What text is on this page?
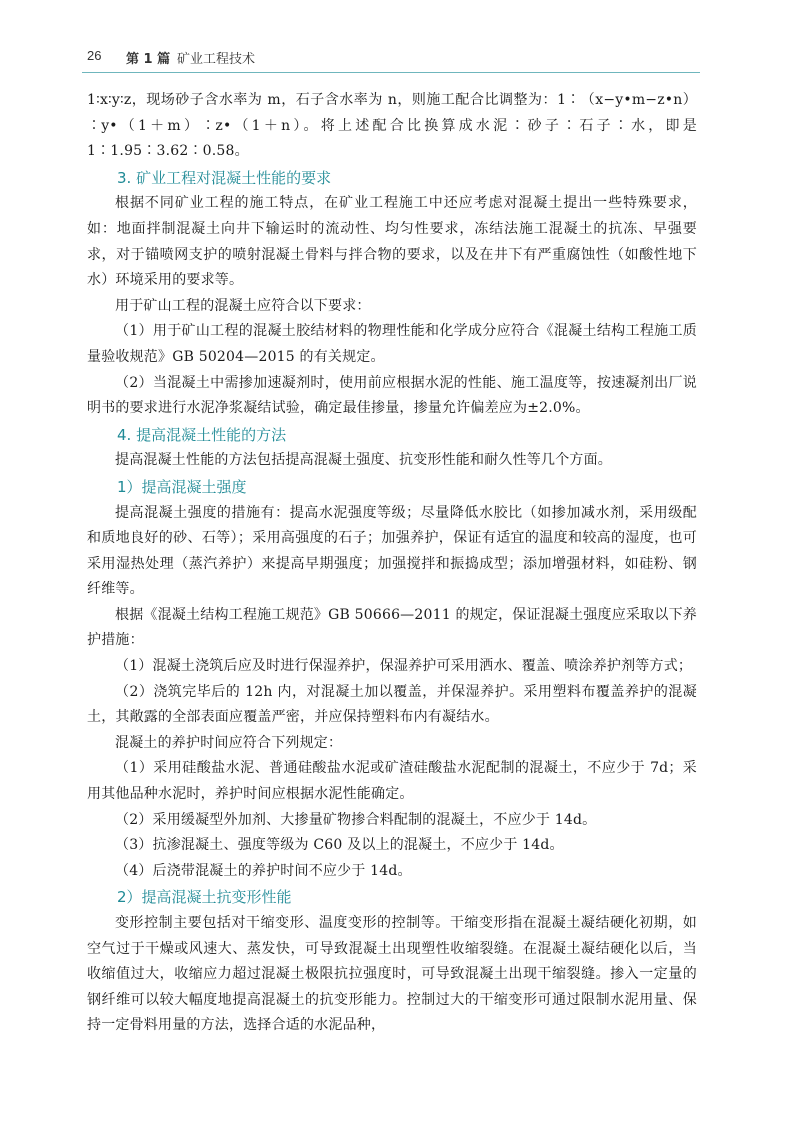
26 第 1 篇 矿业工程技术

1∶x∶y∶z，现场砂子含水率为 m，石子含水率为 n，则施工配合比调整为：1∶（x−y•m−z•n）∶y•（1＋m）∶z•（1＋n）。将上述配合比换算成水泥∶砂子∶石子∶水，即是 1∶1.95∶3.62∶0.58。

3. 矿业工程对混凝土性能的要求

根据不同矿业工程的施工特点，在矿业工程施工中还应考虑对混凝土提出一些特殊要求，如：地面拌制混凝土向井下输运时的流动性、均匀性要求，冻结法施工混凝土的抗冻、早强要求，对于锚喷网支护的喷射混凝土骨料与拌合物的要求，以及在井下有严重腐蚀性（如酸性地下水）环境采用的要求等。

用于矿山工程的混凝土应符合以下要求：

（1）用于矿山工程的混凝土胶结材料的物理性能和化学成分应符合《混凝土结构工程施工质量验收规范》GB 50204—2015 的有关规定。

（2）当混凝土中需掺加速凝剂时，使用前应根据水泥的性能、施工温度等，按速凝剂出厂说明书的要求进行水泥净浆凝结试验，确定最佳掺量，掺量允许偏差应为±2.0%。

4. 提高混凝土性能的方法

提高混凝土性能的方法包括提高混凝土强度、抗变形性能和耐久性等几个方面。

1）提高混凝土强度

提高混凝土强度的措施有：提高水泥强度等级；尽量降低水胶比（如掺加减水剂，采用级配和质地良好的砂、石等）；采用高强度的石子；加强养护，保证有适宜的温度和较高的湿度，也可采用湿热处理（蒸汽养护）来提高早期强度；加强搅拌和振捣成型；添加增强材料，如硅粉、钢纤维等。

根据《混凝土结构工程施工规范》GB 50666—2011 的规定，保证混凝土强度应采取以下养护措施：

（1）混凝土浇筑后应及时进行保湿养护，保湿养护可采用洒水、覆盖、喷涂养护剂等方式；

（2）浇筑完毕后的 12h 内，对混凝土加以覆盖，并保湿养护。采用塑料布覆盖养护的混凝土，其敞露的全部表面应覆盖严密，并应保持塑料布内有凝结水。

混凝土的养护时间应符合下列规定：

（1）采用硅酸盐水泥、普通硅酸盐水泥或矿渣硅酸盐水泥配制的混凝土，不应少于 7d；采用其他品种水泥时，养护时间应根据水泥性能确定。

（2）采用缓凝型外加剂、大掺量矿物掺合料配制的混凝土，不应少于 14d。

（3）抗渗混凝土、强度等级为 C60 及以上的混凝土，不应少于 14d。

（4）后浇带混凝土的养护时间不应少于 14d。

2）提高混凝土抗变形性能

变形控制主要包括对干缩变形、温度变形的控制等。干缩变形指在混凝土凝结硬化初期，如空气过于干燥或风速大、蒸发快，可导致混凝土出现塑性收缩裂缝。在混凝土凝结硬化以后，当收缩值过大，收缩应力超过混凝土极限抗拉强度时，可导致混凝土出现干缩裂缝。掺入一定量的钢纤维可以较大幅度地提高混凝土的抗变形能力。控制过大的干缩变形可通过限制水泥用量、保持一定骨料用量的方法，选择合适的水泥品种，
